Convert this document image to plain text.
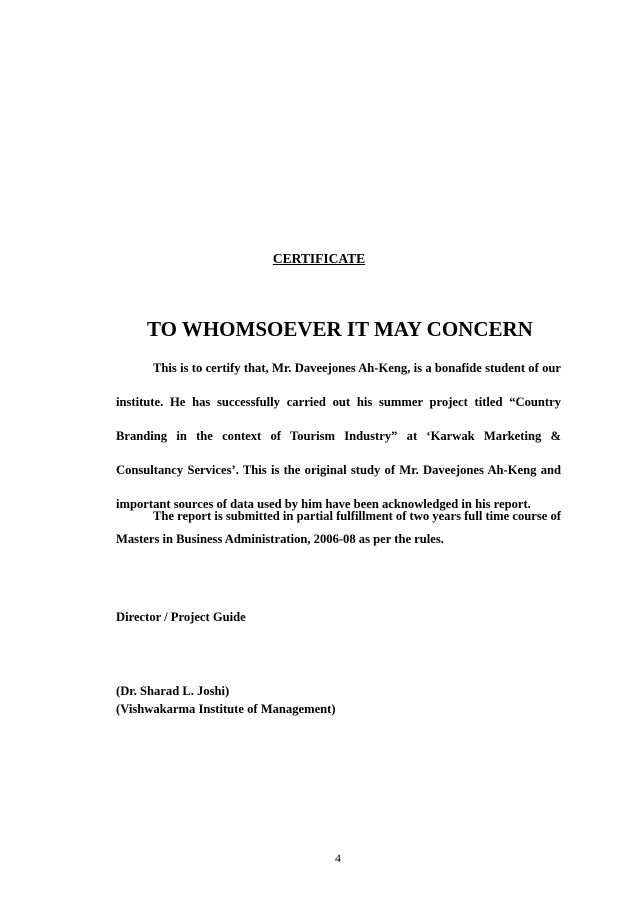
CERTIFICATE
TO WHOMSOEVER IT MAY CONCERN

This is to certify that, Mr. Daveejones Ah-Keng, is a bonafide student of our institute. He has successfully carried out his summer project titled “Country Branding in the context of Tourism Industry” at ‘Karwak Marketing & Consultancy Services’. This is the original study of Mr. Daveejones Ah-Keng and important sources of data used by him have been acknowledged in his report.

The report is submitted in partial fulfillment of two years full time course of Masters in Business Administration, 2006-08 as per the rules.

Director / Project Guide

(Dr. Sharad L. Joshi)

(Vishwakarma Institute of Management)

4
